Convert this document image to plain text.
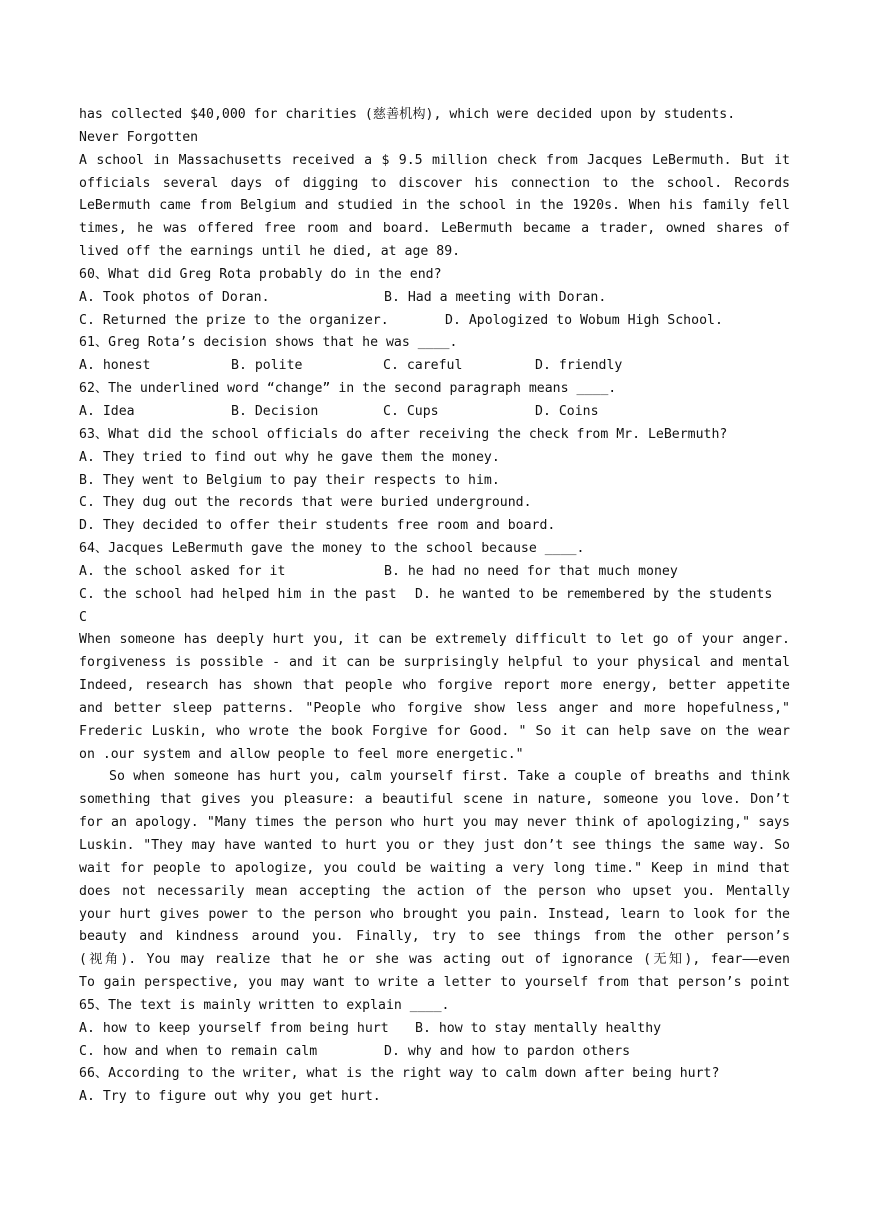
has collected $40,000 for charities (慈善机构), which were decided upon by students.
Never Forgotten
A school in Massachusetts received a $ 9.5 million check from Jacques LeBermuth. But it
officials several days of digging to discover his connection to the school. Records
LeBermuth came from Belgium and studied in the school in the 1920s. When his family fell
times, he was offered free room and board. LeBermuth became a trader, owned shares of
lived off the earnings until he died, at age 89.
60、What did Greg Rota probably do in the end?
A. Took photos of Doran.	B. Had a meeting with Doran.
C. Returned the prize to the organizer.	D. Apologized to Wobum High School.
61、Greg Rota’s decision shows that he was ____.
A. honest	B. polite	C. careful	D. friendly
62、The underlined word “change” in the second paragraph means ____.
A. Idea	B. Decision	C. Cups	D. Coins
63、What did the school officials do after receiving the check from Mr. LeBermuth?
A. They tried to find out why he gave them the money.
B. They went to Belgium to pay their respects to him.
C. They dug out the records that were buried underground.
D. They decided to offer their students free room and board.
64、Jacques LeBermuth gave the money to the school because ____.
A. the school asked for it	B. he had no need for that much money
C. the school had helped him in the past	D. he wanted to be remembered by the students
C
When someone has deeply hurt you, it can be extremely difficult to let go of your anger.
forgiveness is possible - and it can be surprisingly helpful to your physical and mental
Indeed, research has shown that people who forgive report more energy, better appetite
and better sleep patterns. "People who forgive show less anger and more hopefulness,"
Frederic Luskin, who wrote the book Forgive for Good. " So it can help save on the wear
on .our system and allow people to feel more energetic."
So when someone has hurt you, calm yourself first. Take a couple of breaths and think
something that gives you pleasure: a beautiful scene in nature, someone you love. Don’t
for an apology. "Many times the person who hurt you may never think of apologizing," says
Luskin. "They may have wanted to hurt you or they just don’t see things the same way. So
wait for people to apologize, you could be waiting a very long time." Keep in mind that
does not necessarily mean accepting the action of the person who upset you. Mentally
your hurt gives power to the person who brought you pain. Instead, learn to look for the
beauty and kindness around you. Finally, try to see things from the other person’s
(视角). You may realize that he or she was acting out of ignorance (无知), fear——even
To gain perspective, you may want to write a letter to yourself from that person’s point
65、The text is mainly written to explain ____.
A. how to keep yourself from being hurt	B. how to stay mentally healthy
C. how and when to remain calm	D. why and how to pardon others
66、According to the writer, what is the right way to calm down after being hurt?
A. Try to figure out why you get hurt.
